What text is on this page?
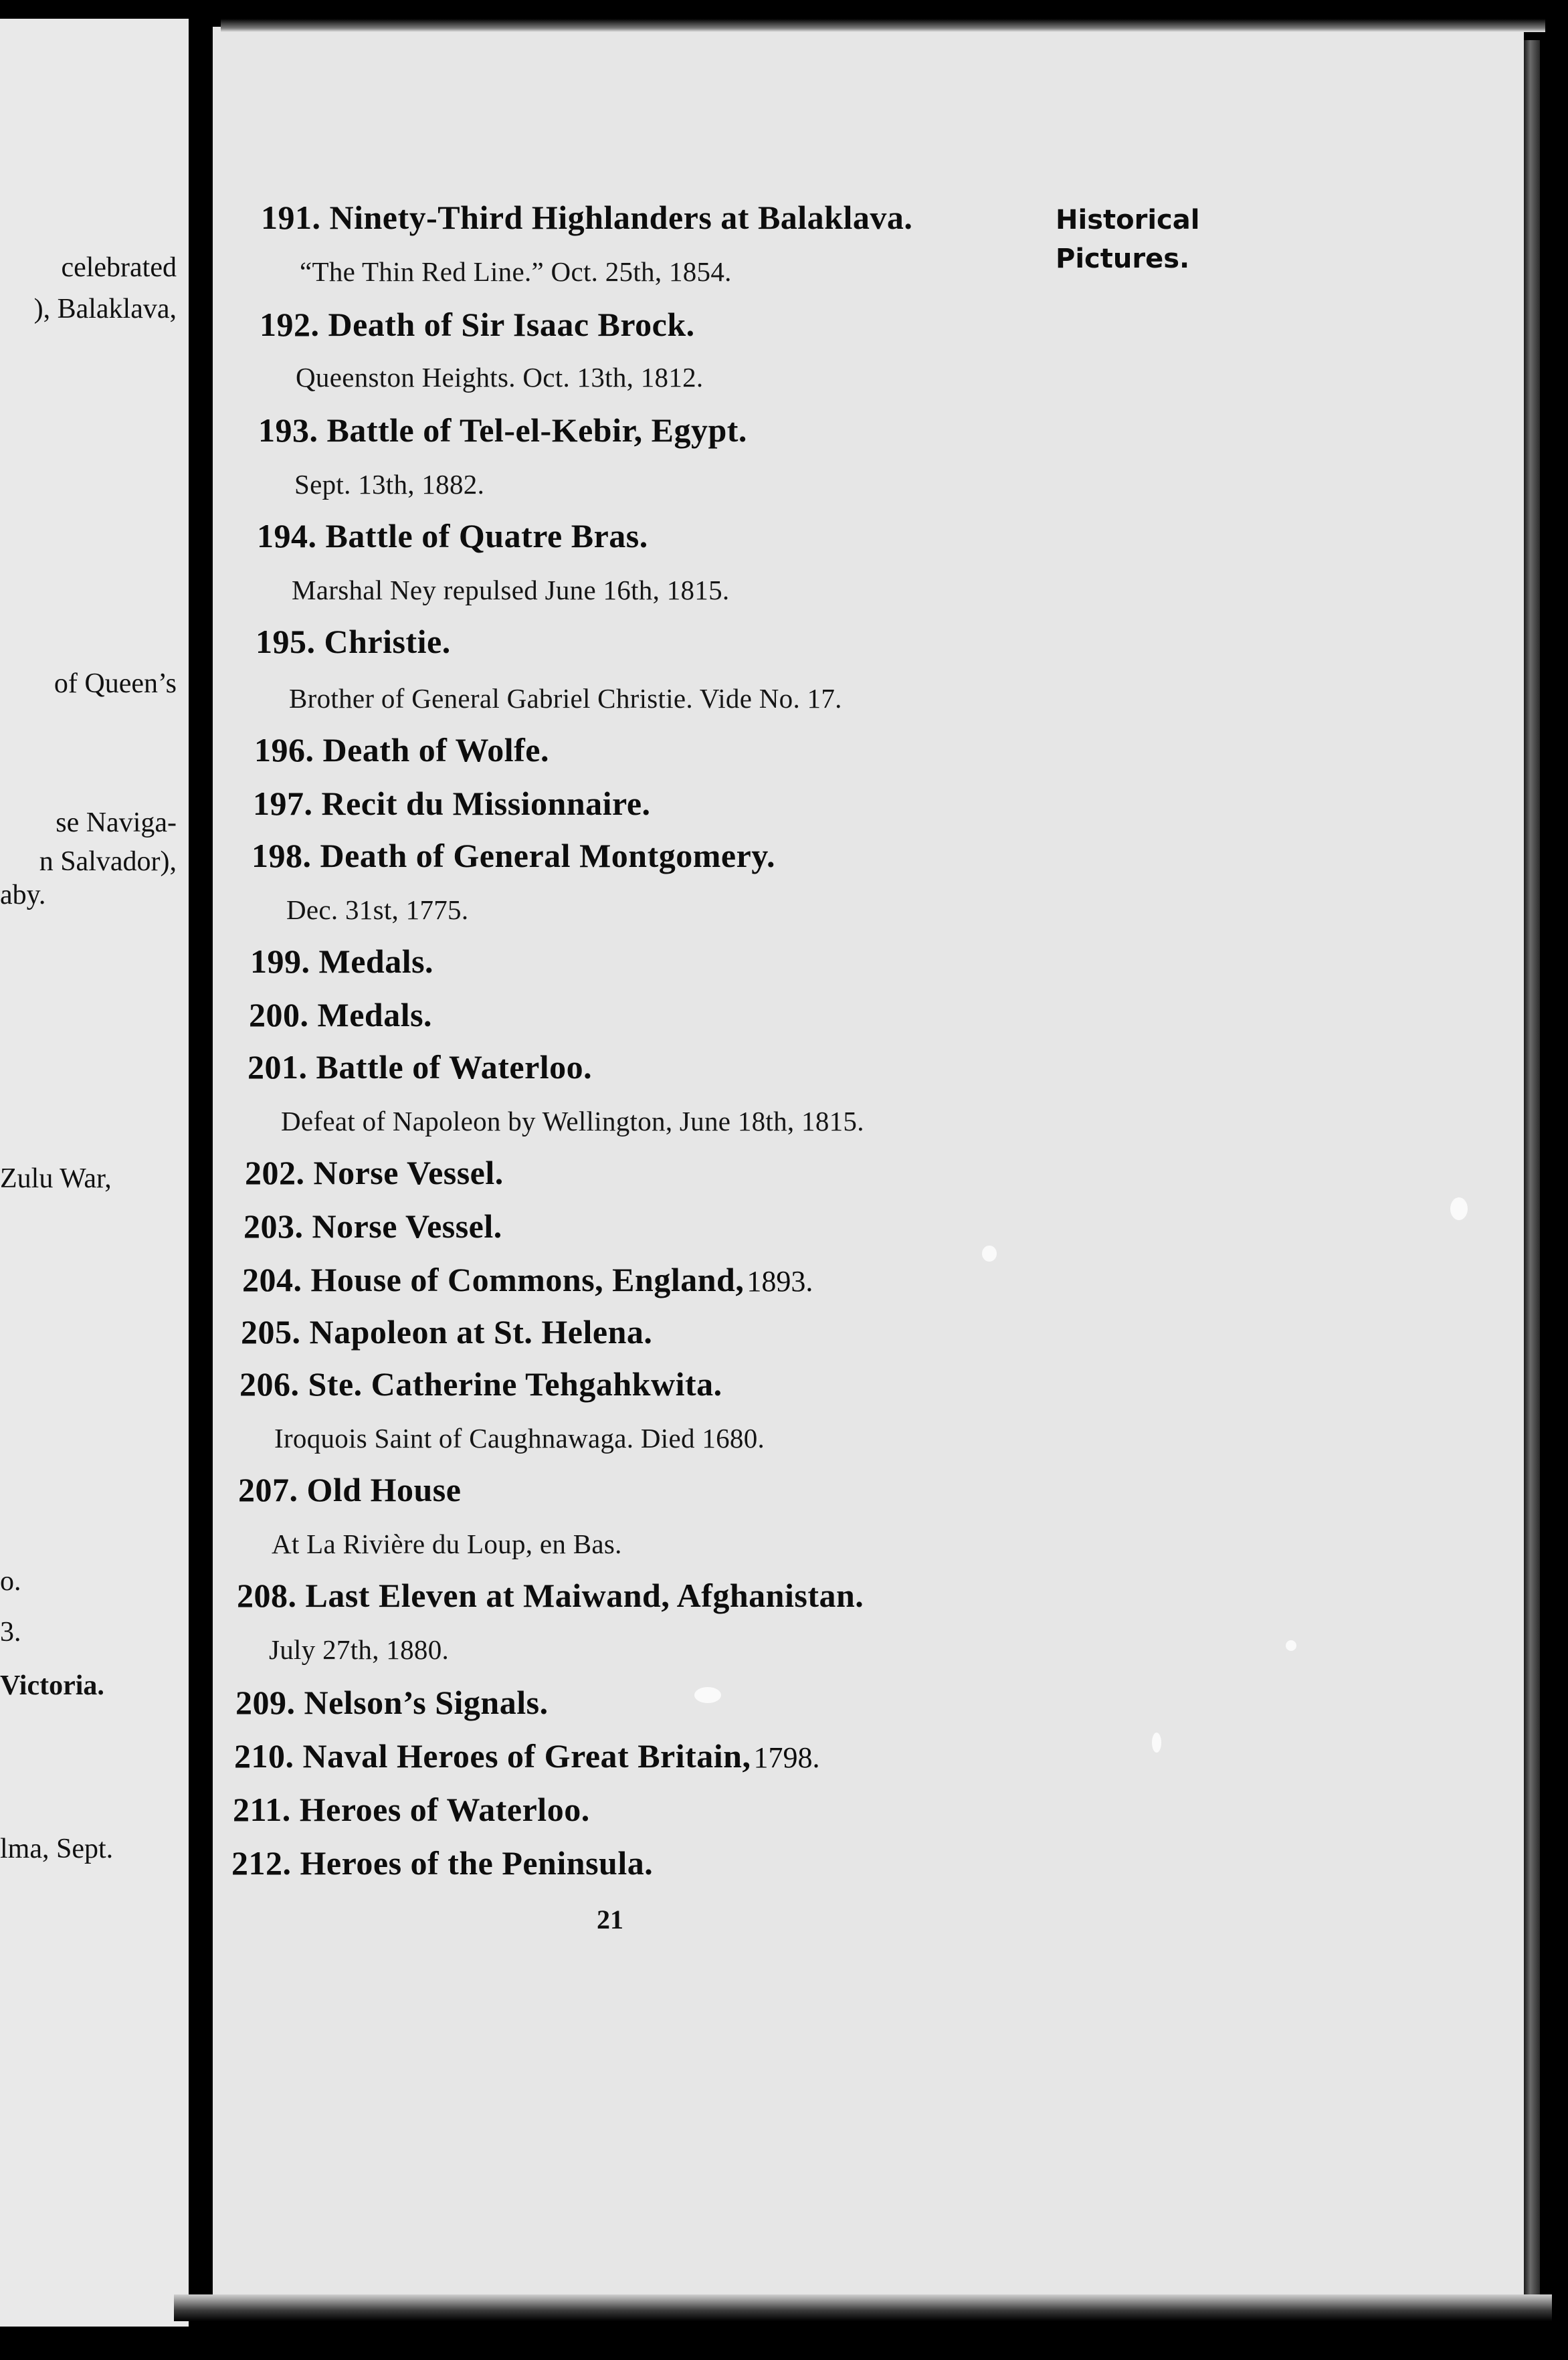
celebrated
), Balaklava,
of Queen’s
se Naviga-
n Salvador),
aby.
Zulu War,
o.
3.
Victoria.
lma, Sept.
Historical
Pictures.
191. Ninety-Third Highlanders at Balaklava.
“The Thin Red Line.” Oct. 25th, 1854.
192. Death of Sir Isaac Brock.
Queenston Heights. Oct. 13th, 1812.
193. Battle of Tel-el-Kebir, Egypt.
Sept. 13th, 1882.
194. Battle of Quatre Bras.
Marshal Ney repulsed June 16th, 1815.
195. Christie.
Brother of General Gabriel Christie. Vide No. 17.
196. Death of Wolfe.
197. Recit du Missionnaire.
198. Death of General Montgomery.
Dec. 31st, 1775.
199. Medals.
200. Medals.
201. Battle of Waterloo.
Defeat of Napoleon by Wellington, June 18th, 1815.
202. Norse Vessel.
203. Norse Vessel.
204. House of Commons, England, 1893.
205. Napoleon at St. Helena.
206. Ste. Catherine Tehgahkwita.
Iroquois Saint of Caughnawaga. Died 1680.
207. Old House
At La Rivière du Loup, en Bas.
208. Last Eleven at Maiwand, Afghanistan.
July 27th, 1880.
209. Nelson’s Signals.
210. Naval Heroes of Great Britain, 1798.
211. Heroes of Waterloo.
212. Heroes of the Peninsula.
21
